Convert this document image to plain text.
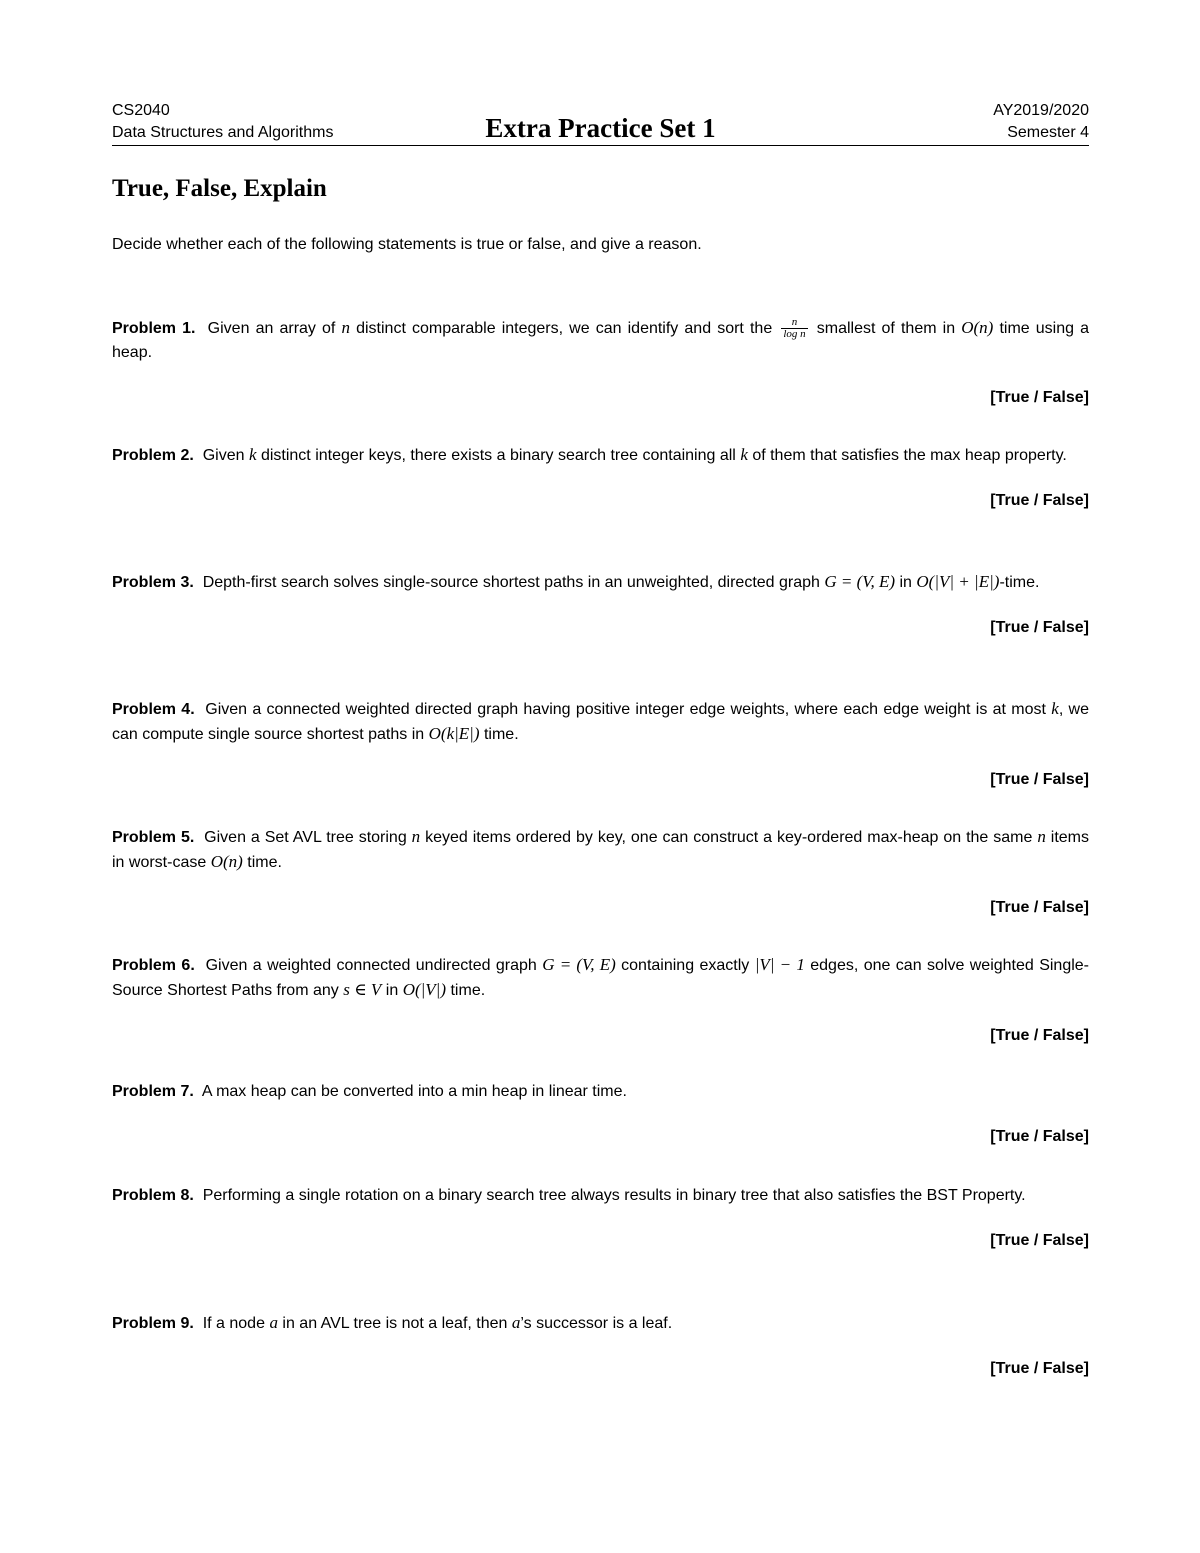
CS2040	AY2019/2020
Data Structures and Algorithms	Semester 4
Extra Practice Set 1
True, False, Explain
Decide whether each of the following statements is true or false, and give a reason.
Problem 1. Given an array of n distinct comparable integers, we can identify and sort the $\frac{n}{\text{log n}}$ smallest of them in O(n) time using a heap.
[True / False]
Problem 2. Given k distinct integer keys, there exists a binary search tree containing all k of them that satisfies the max heap property.
[True / False]
Problem 3. Depth-first search solves single-source shortest paths in an unweighted, directed graph G = (V, E) in O(|V| + |E|)-time.
[True / False]
Problem 4. Given a connected weighted directed graph having positive integer edge weights, where each edge weight is at most k, we can compute single source shortest paths in O(k|E|) time.
[True / False]
Problem 5. Given a Set AVL tree storing n keyed items ordered by key, one can construct a key-ordered max-heap on the same n items in worst-case O(n) time.
[True / False]
Problem 6. Given a weighted connected undirected graph G = (V, E) containing exactly |V| − 1 edges, one can solve weighted Single-Source Shortest Paths from any s ∈ V in O(|V|) time.
[True / False]
Problem 7. A max heap can be converted into a min heap in linear time.
[True / False]
Problem 8. Performing a single rotation on a binary search tree always results in binary tree that also satisfies the BST Property.
[True / False]
Problem 9. If a node a in an AVL tree is not a leaf, then a’s successor is a leaf.
[True / False]
